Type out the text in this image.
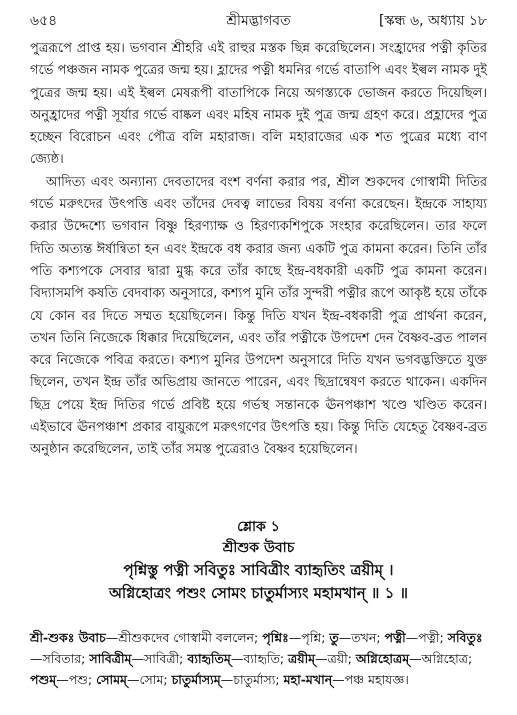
৬৫৪	শ্রীমদ্ভাগবত	[স্কন্ধ ৬, অধ্যায় ১৮

পুত্ররূপে প্রাপ্ত হয়। ভগবান শ্রীহরি এই রাহুর মস্তক ছিন্ন করেছিলেন। সংহ্রাদের পত্নী কৃতির গর্ভে পঞ্চজন নামক পুত্রের জন্ম হয়। হ্লাদের পত্নী ধমনির গর্ভে বাতাপি এবং ইল্বল নামক দুই পুত্রের জন্ম হয়। এই ইল্বল মেষরূপী বাতাপিকে নিয়ে অগস্ত্যকে ভোজন করতে দিয়েছিল। অনুহ্রাদের পত্নী সূর্যার গর্ভে বাষ্কল এবং মহিষ নামক দুই পুত্র জন্ম গ্রহণ করে। প্রহ্লাদের পুত্র হচ্ছেন বিরোচন এবং পৌত্র বলি মহারাজ। বলি মহারাজের এক শত পুত্রের মধ্যে বাণ জ্যেষ্ঠ।

আদিত্য এবং অন্যান্য দেবতাদের বংশ বর্ণনা করার পর, শ্রীল শুকদেব গোস্বামী দিতির গর্ভে মরুৎদের উৎপত্তি এবং তাঁদের দেবত্ব লাভের বিষয় বর্ণনা করেছেন। ইন্দ্রকে সাহায্য করার উদ্দেশ্যে ভগবান বিষ্ণু হিরণ্যাক্ষ ও হিরণ্যকশিপুকে সংহার করেছিলেন। তার ফলে দিতি অত্যন্ত ঈর্ষান্বিতা হন এবং ইন্দ্রকে বধ করার জন্য একটি পুত্র কামনা করেন। তিনি তাঁর পতি কশ্যপকে সেবার দ্বারা মুগ্ধ করে তাঁর কাছে ইন্দ্র-বধকারী একটি পুত্র কামনা করেন। বিদ্যাসমপি কষতি বেদবাক্য অনুসারে, কশ্যপ মুনি তাঁর সুন্দরী পত্নীর রূপে আকৃষ্ট হয়ে তাঁকে যে কোন বর দিতে সম্মত হয়েছিলেন। কিন্তু দিতি যখন ইন্দ্র-বধকারী পুত্র প্রার্থনা করেন, তখন তিনি নিজেকে ধিক্কার দিয়েছিলেন, এবং তাঁর পত্নীকে উপদেশ দেন বৈষ্ণব-ব্রত পালন করে নিজেকে পবিত্র করতে। কশ্যপ মুনির উপদেশ অনুসারে দিতি যখন ভগবদ্ভক্তিতে যুক্ত ছিলেন, তখন ইন্দ্র তাঁর অভিপ্রায় জানতে পারেন, এবং ছিদ্রান্বেষণ করতে থাকেন। একদিন ছিদ্র পেয়ে ইন্দ্র দিতির গর্ভে প্রবিষ্ট হয়ে গর্ভস্থ সন্তানকে ঊনপঞ্চাশ খণ্ডে খণ্ডিত করেন। এইভাবে ঊনপঞ্চাশ প্রকার বায়ুরূপে মরুৎগণের উৎপত্তি হয়। কিন্তু দিতি যেহেতু বৈষ্ণব-ব্রত অনুষ্ঠান করেছিলেন, তাই তাঁর সমস্ত পুত্রেরাও বৈষ্ণব হয়েছিলেন।

শ্লোক ১
শ্রীশুক উবাচ
পৃশ্নিস্তু পত্নী সবিতুঃ সাবিত্রীং ব্যাহৃতিং ত্রয়ীম্ ।
অগ্নিহোত্রং পশুং সোমং চাতুর্মাস্যং মহামখান্ ॥ ১ ॥
শ্রী-শুকঃ উবাচ—শ্রীশুকদেব গোস্বামী বললেন; পৃশ্নিঃ—পৃশ্নি; তু—তখন; পত্নী—পত্নী; সবিতুঃ—সবিতার; সাবিত্রীম্—সাবিত্রী; ব্যাহৃতিম্—ব্যাহৃতি; ত্রয়ীম্—ত্রয়ী; অগ্নিহোত্রম্—অগ্নিহোত্র; পশুম্—পশু; সোমম্—সোম; চাতুর্মাস্যম্—চাতুর্মাস্য; মহা-মখান্—পঞ্চ মহাযজ্ঞ।
